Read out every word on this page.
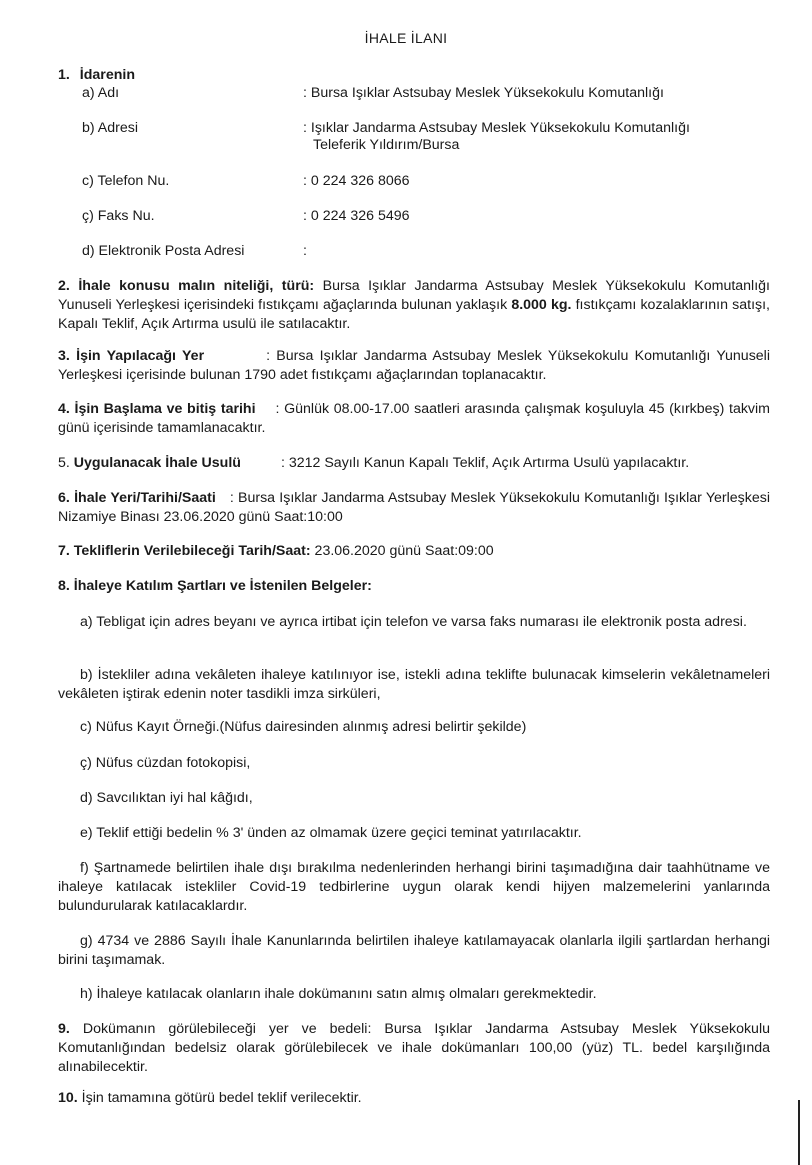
İHALE İLANI
1. İdarenin
a) Adı	: Bursa Işıklar Astsubay Meslek Yüksekokulu Komutanlığı
b) Adresi	: Işıklar Jandarma Astsubay Meslek Yüksekokulu Komutanlığı
Teleferik Yıldırım/Bursa
c) Telefon Nu.	: 0 224 326 8066
ç) Faks Nu.	: 0 224 326 5496
d) Elektronik Posta Adresi	:
2. İhale konusu malın niteliği, türü: Bursa Işıklar Jandarma Astsubay Meslek Yüksekokulu Komutanlığı Yunuseli Yerleşkesi içerisindeki fıstıkçamı ağaçlarında bulunan yaklaşık 8.000 kg. fıstıkçamı kozalaklarının satışı, Kapalı Teklif, Açık Artırma usulü ile satılacaktır.
3. İşin Yapılacağı Yer	: Bursa Işıklar Jandarma Astsubay Meslek Yüksekokulu Komutanlığı Yunuseli Yerleşkesi içerisinde bulunan 1790 adet fıstıkçamı ağaçlarından toplanacaktır.
4. İşin Başlama ve bitiş tarihi : Günlük 08.00-17.00 saatleri arasında çalışmak koşuluyla 45 (kırkbeş) takvim günü içerisinde tamamlanacaktır.
5. Uygulanacak İhale Usulü	: 3212 Sayılı Kanun Kapalı Teklif, Açık Artırma Usulü yapılacaktır.
6. İhale Yeri/Tarihi/Saati : Bursa Işıklar Jandarma Astsubay Meslek Yüksekokulu Komutanlığı Işıklar Yerleşkesi Nizamiye Binası 23.06.2020 günü Saat:10:00
7. Tekliflerin Verilebileceği Tarih/Saat: 23.06.2020 günü Saat:09:00
8. İhaleye Katılım Şartları ve İstenilen Belgeler:
a) Tebligat için adres beyanı ve ayrıca irtibat için telefon ve varsa faks numarası ile elektronik posta adresi.
b) İstekliler adına vekâleten ihaleye katılınıyor ise, istekli adına teklifte bulunacak kimselerin vekâletnameleri vekâleten iştirak edenin noter tasdikli imza sirküleri,
c) Nüfus Kayıt Örneği.(Nüfus dairesinden alınmış adresi belirtir şekilde)
ç) Nüfus cüzdan fotokopisi,
d) Savcılıktan iyi hal kâğıdı,
e) Teklif ettiği bedelin % 3' ünden az olmamak üzere geçici teminat yatırılacaktır.
f) Şartnamede belirtilen ihale dışı bırakılma nedenlerinden herhangi birini taşımadığına dair taahhütname ve ihaleye katılacak istekliler Covid-19 tedbirlerine uygun olarak kendi hijyen malzemelerini yanlarında bulundurularak katılacaklardır.
g) 4734 ve 2886 Sayılı İhale Kanunlarında belirtilen ihaleye katılamayacak olanlarla ilgili şartlardan herhangi birini taşımamak.
h) İhaleye katılacak olanların ihale dokümanını satın almış olmaları gerekmektedir.
9. Dokümanın görülebileceği yer ve bedeli: Bursa Işıklar Jandarma Astsubay Meslek Yüksekokulu Komutanlığından bedelsiz olarak görülebilecek ve ihale dokümanları 100,00 (yüz) TL. bedel karşılığında alınabilecektir.
10. İşin tamamına götürü bedel teklif verilecektir.
